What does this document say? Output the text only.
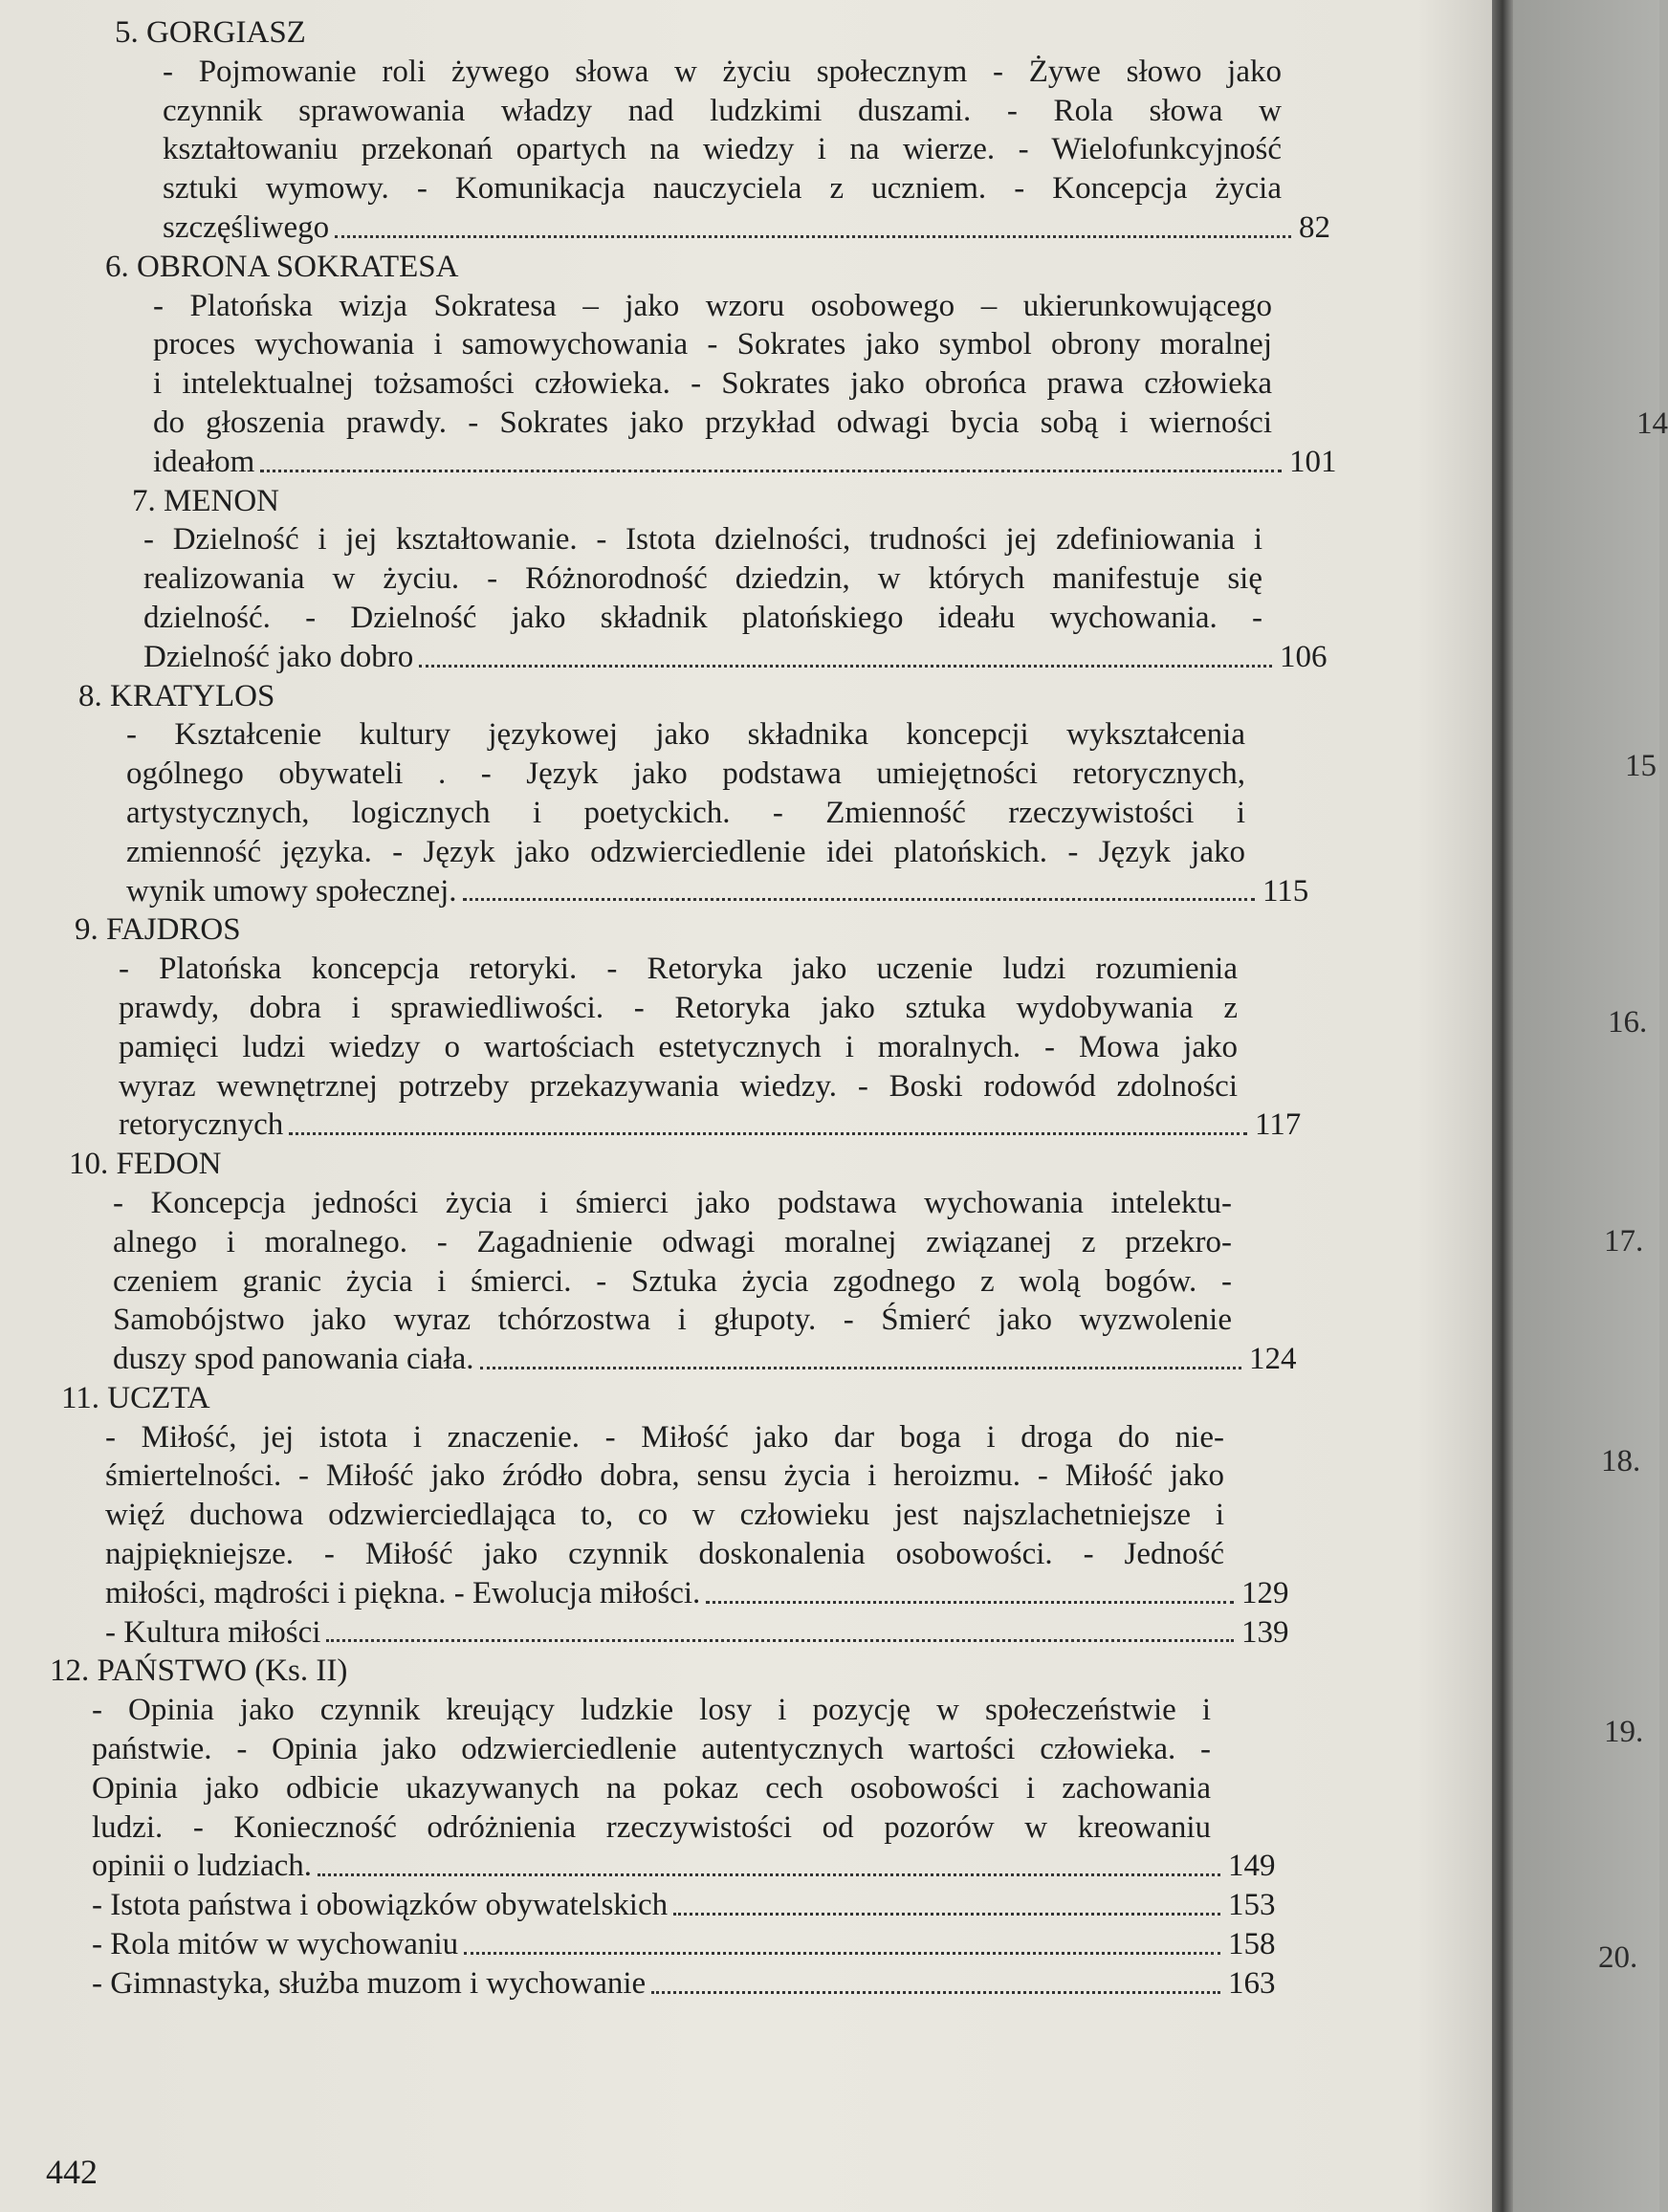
5. GORGIASZ
- Pojmowanie roli żywego słowa w życiu społecznym - Żywe słowo jako
czynnik sprawowania władzy nad ludzkimi duszami. - Rola słowa w
kształtowaniu przekonań opartych na wiedzy i na wierze. - Wielofunkcyjność
sztuki wymowy. - Komunikacja nauczyciela z uczniem. - Koncepcja życia
szczęśliwego	82
6. OBRONA SOKRATESA
- Platońska wizja Sokratesa – jako wzoru osobowego – ukierunkowującego
proces wychowania i samowychowania - Sokrates jako symbol obrony moralnej
i intelektualnej tożsamości człowieka. - Sokrates jako obrońca prawa człowieka
do głoszenia prawdy. - Sokrates jako przykład odwagi bycia sobą i wierności
ideałom	101
7. MENON
- Dzielność i jej kształtowanie. - Istota dzielności, trudności jej zdefiniowania i
realizowania w życiu. - Różnorodność dziedzin, w których manifestuje się
dzielność. - Dzielność jako składnik platońskiego ideału wychowania. -
Dzielność jako dobro	106
8. KRATYLOS
- Kształcenie kultury językowej jako składnika koncepcji wykształcenia
ogólnego obywateli . - Język jako podstawa umiejętności retorycznych,
artystycznych, logicznych i poetyckich. - Zmienność rzeczywistości i
zmienność języka. - Język jako odzwierciedlenie idei platońskich. - Język jako
wynik umowy społecznej.	115
9. FAJDROS
- Platońska koncepcja retoryki. - Retoryka jako uczenie ludzi rozumienia
prawdy, dobra i sprawiedliwości. - Retoryka jako sztuka wydobywania z
pamięci ludzi wiedzy o wartościach estetycznych i moralnych. - Mowa jako
wyraz wewnętrznej potrzeby przekazywania wiedzy. - Boski rodowód zdolności
retorycznych	117
10. FEDON
- Koncepcja jedności życia i śmierci jako podstawa wychowania intelektu-
alnego i moralnego. - Zagadnienie odwagi moralnej związanej z przekro-
czeniem granic życia i śmierci. - Sztuka życia zgodnego z wolą bogów. -
Samobójstwo jako wyraz tchórzostwa i głupoty. - Śmierć jako wyzwolenie
duszy spod panowania ciała.	124
11. UCZTA
- Miłość, jej istota i znaczenie. - Miłość jako dar boga i droga do nie-
śmiertelności. - Miłość jako źródło dobra, sensu życia i heroizmu. - Miłość jako
więź duchowa odzwierciedlająca to, co w człowieku jest najszlachetniejsze i
najpiękniejsze. - Miłość jako czynnik doskonalenia osobowości. - Jedność
miłości, mądrości i piękna. - Ewolucja miłości.	129
- Kultura miłości	139
12. PAŃSTWO (Ks. II)
- Opinia jako czynnik kreujący ludzkie losy i pozycję w społeczeństwie i
państwie. - Opinia jako odzwierciedlenie autentycznych wartości człowieka. -
Opinia jako odbicie ukazywanych na pokaz cech osobowości i zachowania
ludzi. - Konieczność odróżnienia rzeczywistości od pozorów w kreowaniu
opinii o ludziach.	149
- Istota państwa i obowiązków obywatelskich	153
- Rola mitów w wychowaniu	158
- Gimnastyka, służba muzom i wychowanie	163
442
14
15
16.
17.
18.
19.
20.
